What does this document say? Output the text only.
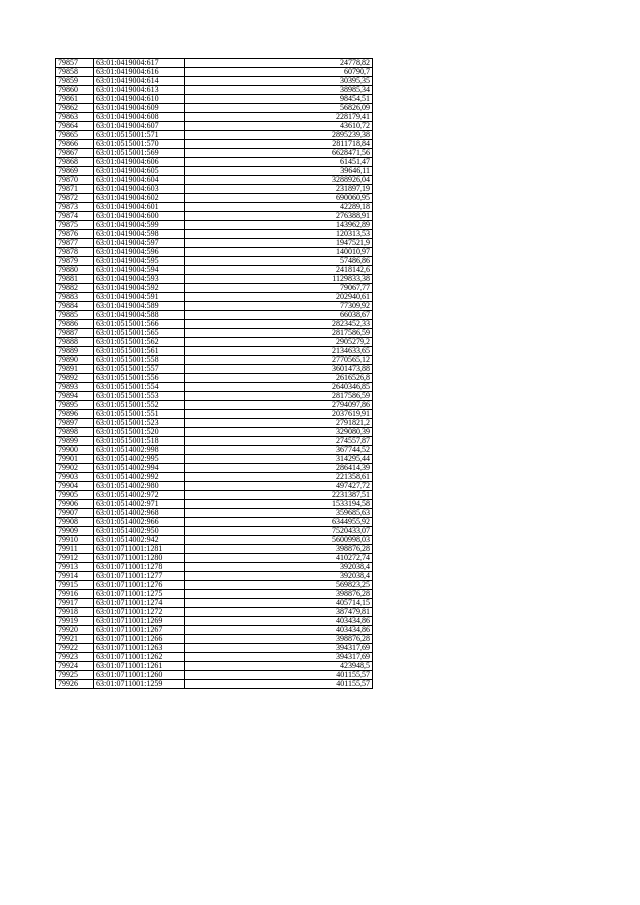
79857	63:01:0419004:617	24778,82
79858	63:01:0419004:616	60790,7
79859	63:01:0419004:614	30395,35
79860	63:01:0419004:613	38985,34
79861	63:01:0419004:610	98454,51
79862	63:01:0419004:609	56826,09
79863	63:01:0419004:608	228179,41
79864	63:01:0419004:607	43610,72
79865	63:01:0515001:571	2895239,38
79866	63:01:0515001:570	2811718,84
79867	63:01:0515001:569	6628471,56
79868	63:01:0419004:606	61451,47
79869	63:01:0419004:605	39646,11
79870	63:01:0419004:604	3288926,04
79871	63:01:0419004:603	231897,19
79872	63:01:0419004:602	690060,95
79873	63:01:0419004:601	42289,18
79874	63:01:0419004:600	276388,91
79875	63:01:0419004:599	143962,89
79876	63:01:0419004:598	120313,53
79877	63:01:0419004:597	1947521,9
79878	63:01:0419004:596	140010,97
79879	63:01:0419004:595	57486,86
79880	63:01:0419004:594	2418142,6
79881	63:01:0419004:593	1129833,38
79882	63:01:0419004:592	79067,77
79883	63:01:0419004:591	202940,61
79884	63:01:0419004:589	77309,92
79885	63:01:0419004:588	66038,67
79886	63:01:0515001:566	2823452,33
79887	63:01:0515001:565	2817586,59
79888	63:01:0515001:562	2905279,2
79889	63:01:0515001:561	2134633,65
79890	63:01:0515001:558	2770565,12
79891	63:01:0515001:557	3601473,88
79892	63:01:0515001:556	2616526,8
79893	63:01:0515001:554	2640346,85
79894	63:01:0515001:553	2817586,59
79895	63:01:0515001:552	2794097,86
79896	63:01:0515001:551	2037619,91
79897	63:01:0515001:523	2791821,2
79898	63:01:0515001:520	329080,39
79899	63:01:0515001:518	274557,87
79900	63:01:0514002:998	367744,52
79901	63:01:0514002:995	314295,44
79902	63:01:0514002:994	286414,39
79903	63:01:0514002:992	221358,61
79904	63:01:0514002:980	497427,72
79905	63:01:0514002:972	2231387,51
79906	63:01:0514002:971	1533194,58
79907	63:01:0514002:968	359685,63
79908	63:01:0514002:966	6344955,92
79909	63:01:0514002:950	7520433,07
79910	63:01:0514002:942	5600998,03
79911	63:01:0711001:1281	398876,28
79912	63:01:0711001:1280	410272,74
79913	63:01:0711001:1278	392038,4
79914	63:01:0711001:1277	392038,4
79915	63:01:0711001:1276	569823,25
79916	63:01:0711001:1275	398876,28
79917	63:01:0711001:1274	405714,15
79918	63:01:0711001:1272	387479,81
79919	63:01:0711001:1269	403434,86
79920	63:01:0711001:1267	403434,86
79921	63:01:0711001:1266	398876,28
79922	63:01:0711001:1263	394317,69
79923	63:01:0711001:1262	394317,69
79924	63:01:0711001:1261	423948,5
79925	63:01:0711001:1260	401155,57
79926	63:01:0711001:1259	401155,57
